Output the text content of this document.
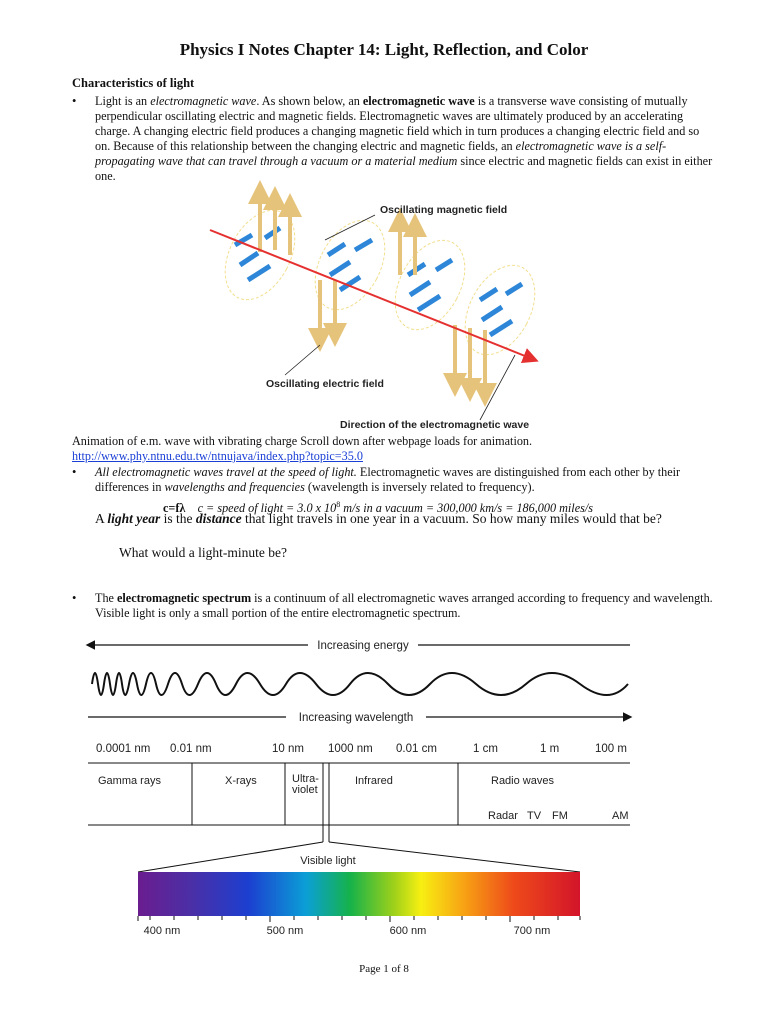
Physics I Notes Chapter 14: Light, Reflection, and Color
Characteristics of light
• Light is an electromagnetic wave. As shown below, an electromagnetic wave is a transverse wave consisting of mutually perpendicular oscillating electric and magnetic fields. Electromagnetic waves are ultimately produced by an accelerating charge. A changing electric field produces a changing magnetic field which in turn produces a changing electric field and so on. Because of this relationship between the changing electric and magnetic fields, an electromagnetic wave is a self-propagating wave that can travel through a vacuum or a material medium since electric and magnetic fields can exist in either one.
Oscillating magnetic field
Oscillating electric field
Direction of the electromagnetic wave
Animation of e.m. wave with vibrating charge Scroll down after webpage loads for animation.
http://www.phy.ntnu.edu.tw/ntnujava/index.php?topic=35.0
• All electromagnetic waves travel at the speed of light. Electromagnetic waves are distinguished from each other by their differences in wavelengths and frequencies (wavelength is inversely related to frequency).
c=fλ c = speed of light = 3.0 x $10^8$ m/s in a vacuum = 300,000 km/s = 186,000 miles/s
A light year is the distance that light travels in one year in a vacuum. So how many miles would that be?
What would a light-minute be?
• The electromagnetic spectrum is a continuum of all electromagnetic waves arranged according to frequency and wavelength. Visible light is only a small portion of the entire electromagnetic spectrum.
Increasing energy
Increasing wavelength
0.0001 nm 0.01 nm	10 nm 1000 nm 0.01 cm	1 cm	1 m	100 m
Gamma rays	X-rays	Ultra-
violet
Infrared	Radio waves
Radar TV FM	AM
Visible light
400 nm	500 nm	600 nm	700 nm
Page 1 of 8
